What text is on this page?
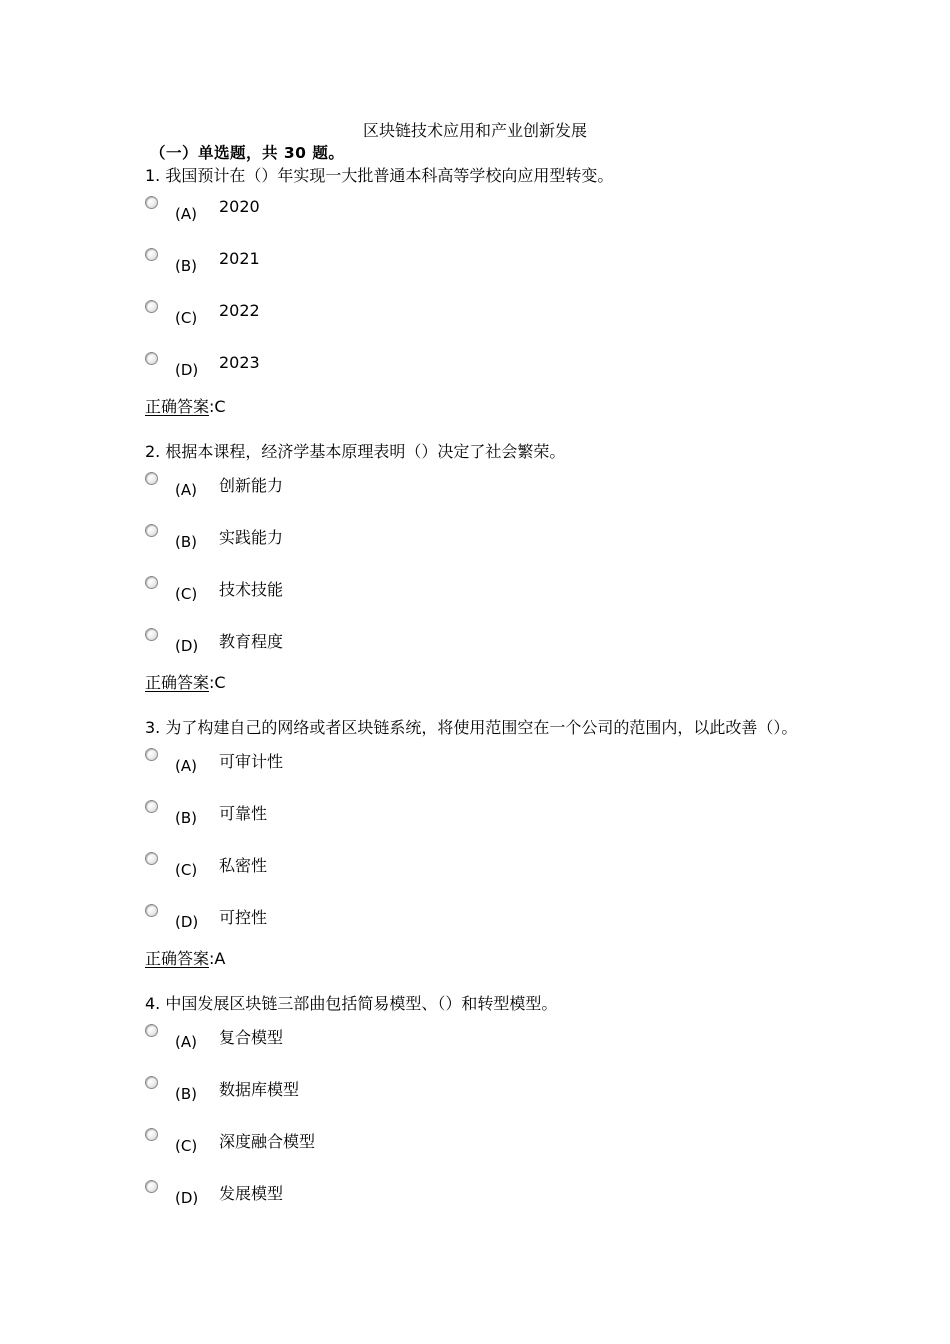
区块链技术应用和产业创新发展
（一）单选题，共 30 题。
1. 我国预计在（）年实现一大批普通本科高等学校向应用型转变。
(A) 2020
(B) 2021
(C) 2022
(D) 2023
正确答案:C
2. 根据本课程，经济学基本原理表明（）决定了社会繁荣。
(A) 创新能力
(B) 实践能力
(C) 技术技能
(D) 教育程度
正确答案:C
3. 为了构建自己的网络或者区块链系统，将使用范围空在一个公司的范围内，以此改善（）。
(A) 可审计性
(B) 可靠性
(C) 私密性
(D) 可控性
正确答案:A
4. 中国发展区块链三部曲包括简易模型、（）和转型模型。
(A) 复合模型
(B) 数据库模型
(C) 深度融合模型
(D) 发展模型
